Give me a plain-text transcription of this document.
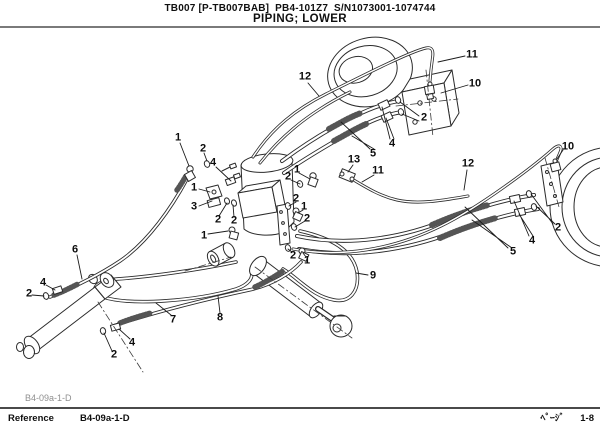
TB007 [P-TB007BAB]  PB4-101Z7  S/N1073001-1074744
PIPING; LOWER
12
11
10
2
4
5
13
11
12
10
2
4
5
1
2
4
1
3
1
2
2
1
2
2 2
1
2 1
6
4
2
7
4
2
8
9
B4-09a-1-D
Reference	B4-09a-1-D	ﾍﾟｰｼﾞ 1-8
